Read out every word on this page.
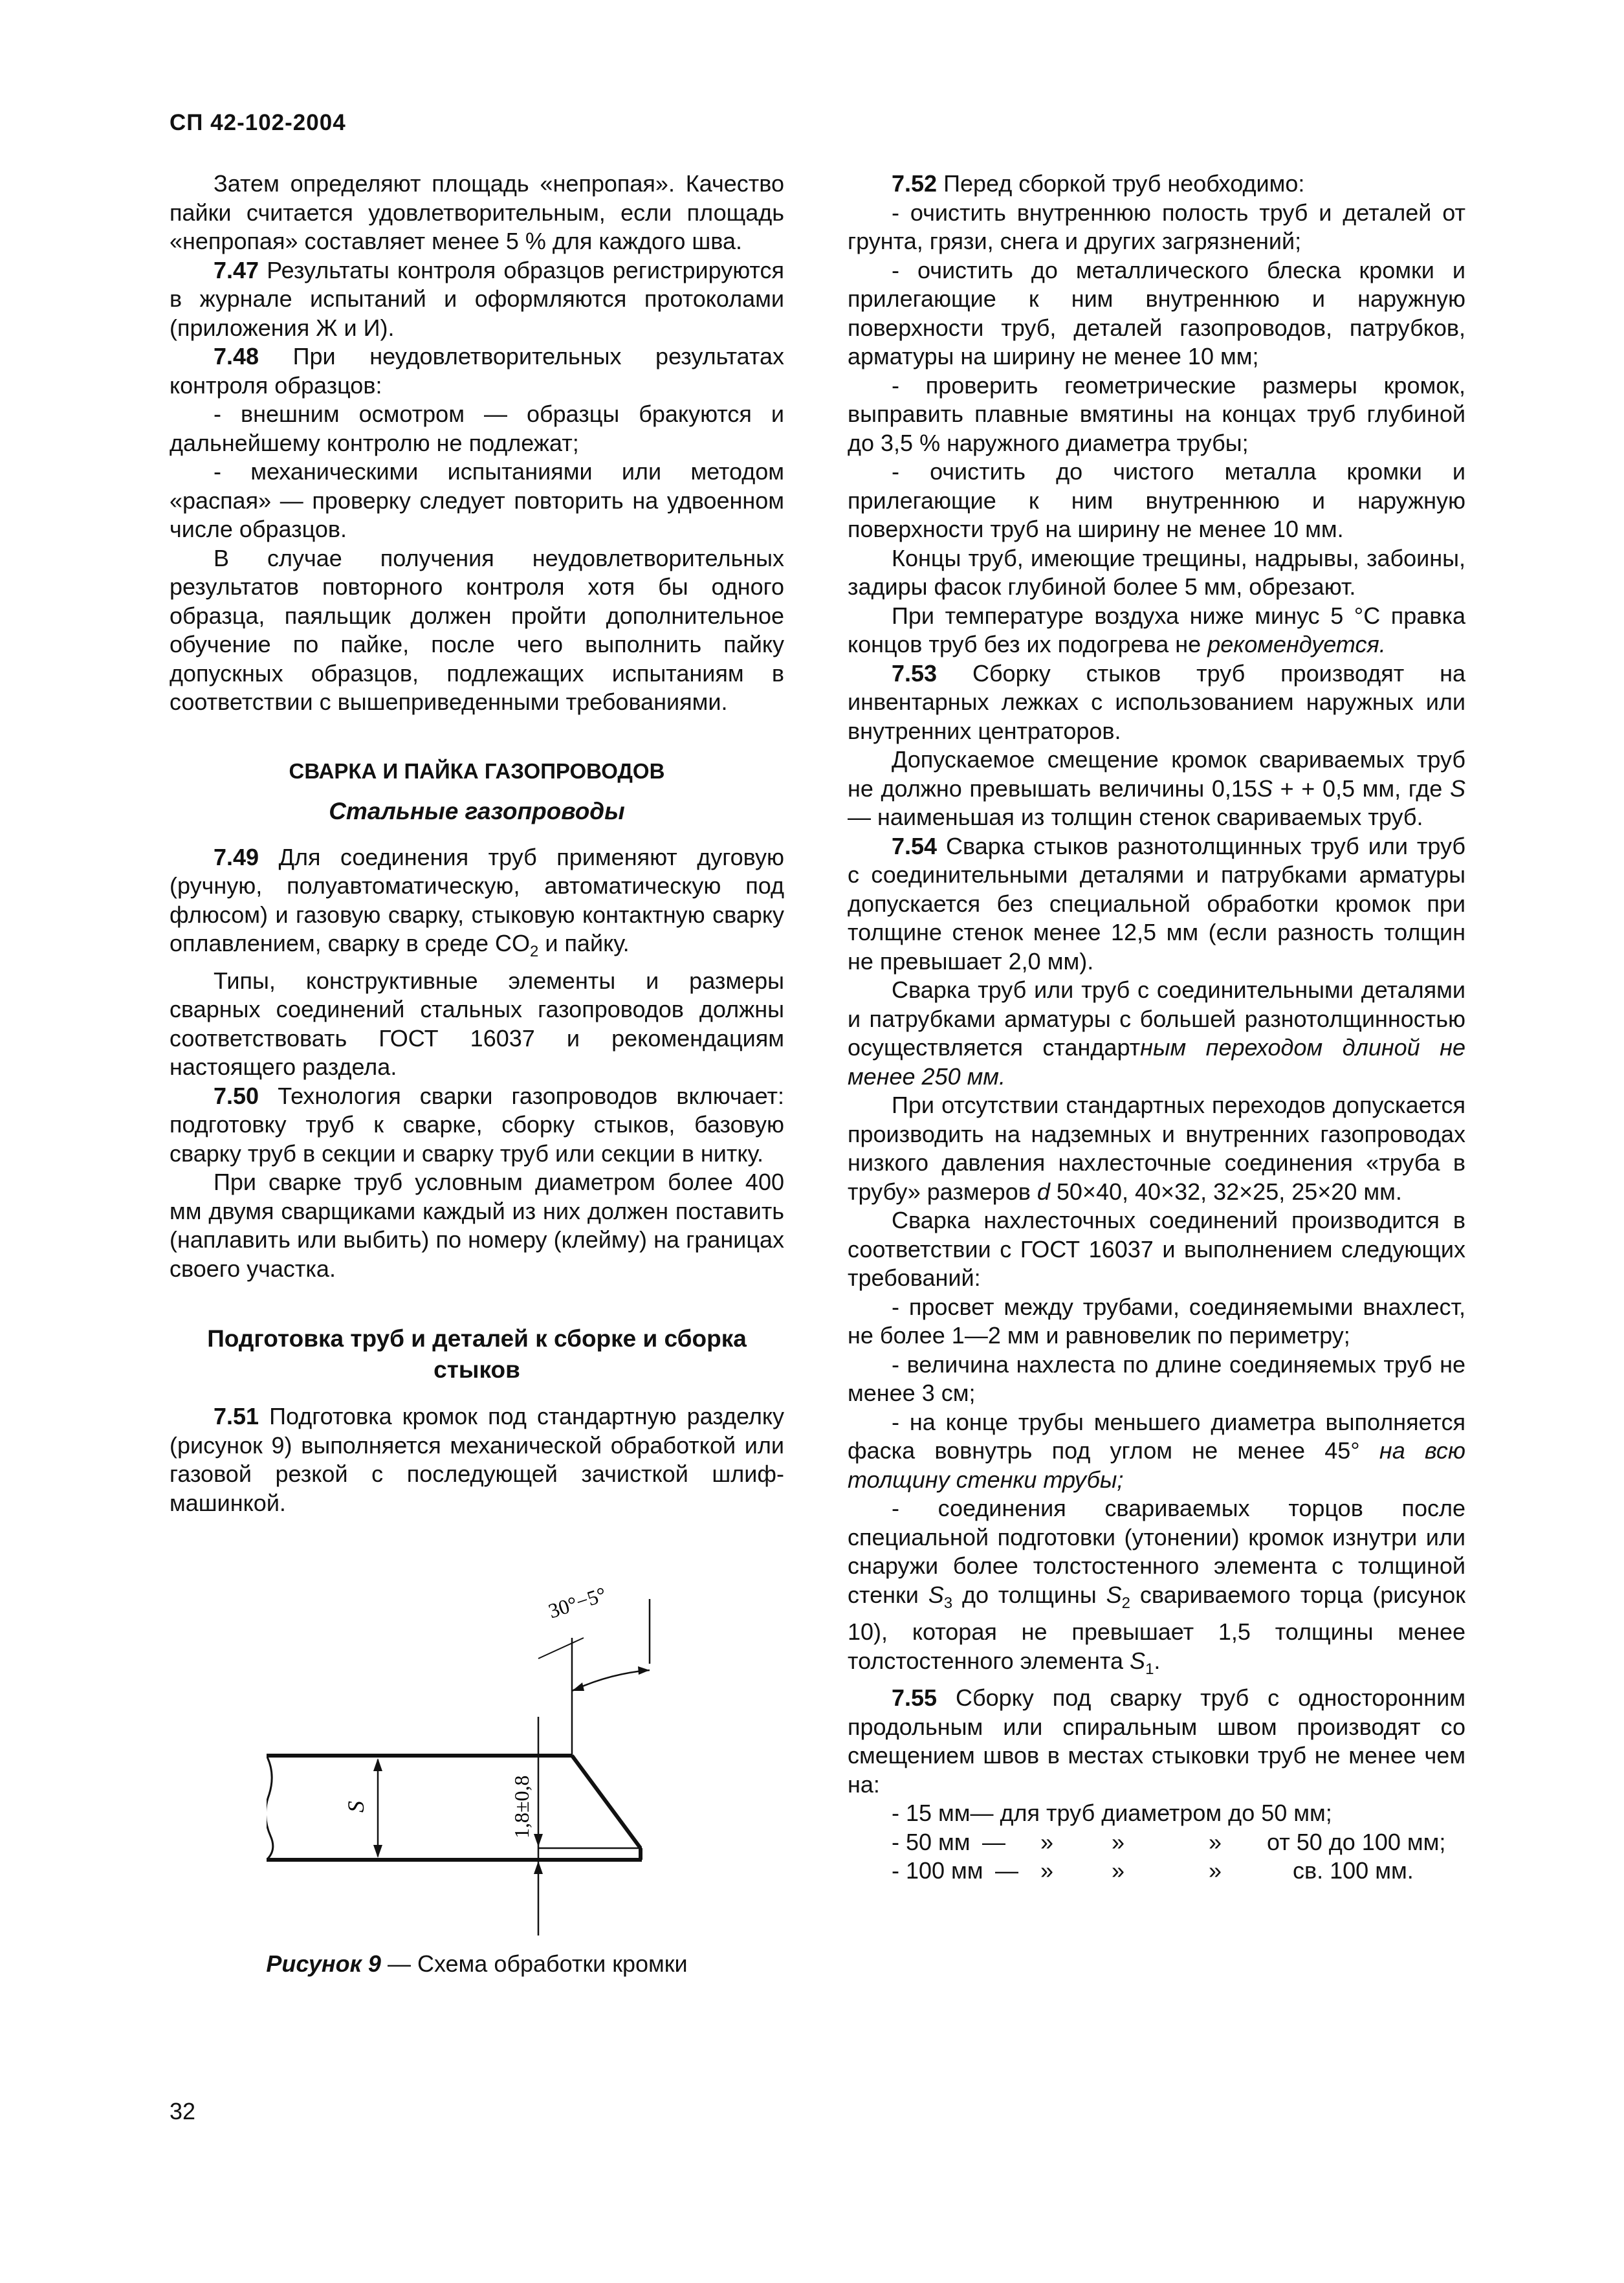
СП 42-102-2004

Затем определяют площадь «непропая». Качество пайки считается удовлетворительным, если площадь «непропая» составляет менее 5 % для каждого шва.

7.47 Результаты контроля образцов регистрируются в журнале испытаний и оформляются протоколами (приложения Ж и И).

7.48 При неудовлетворительных результатах контроля образцов:

- внешним осмотром — образцы бракуются и дальнейшему контролю не подлежат;

- механическими испытаниями или методом «распая» — проверку следует повторить на удвоенном числе образцов.

В случае получения неудовлетворительных результатов повторного контроля хотя бы одного образца, паяльщик должен пройти дополнительное обучение по пайке, после чего выполнить пайку допускных образцов, подлежащих испытаниям в соответствии с вышеприведенными требованиями.

СВАРКА И ПАЙКА ГАЗОПРОВОДОВ

Стальные газопроводы

7.49 Для соединения труб применяют дуговую (ручную, полуавтоматическую, автоматическую под флюсом) и газовую сварку, стыковую контактную сварку оплавлением, сварку в среде $CO_2$ и пайку.

Типы, конструктивные элементы и размеры сварных соединений стальных газопроводов должны соответствовать ГОСТ 16037 и рекомендациям настоящего раздела.

7.50 Технология сварки газопроводов включает: подготовку труб к сварке, сборку стыков, базовую сварку труб в секции и сварку труб или секции в нитку.

При сварке труб условным диаметром более 400 мм двумя сварщиками каждый из них должен поставить (наплавить или выбить) по номеру (клейму) на границах своего участка.

Подготовка труб и деталей к сборке и сборка стыков

7.51 Подготовка кромок под стандартную разделку (рисунок 9) выполняется механической обработкой или газовой резкой с последующей зачисткой шлиф-машинкой.

S	1,8±0,8
30°−5°

Рисунок 9 — Схема обработки кромки

7.52 Перед сборкой труб необходимо:

- очистить внутреннюю полость труб и деталей от грунта, грязи, снега и других загрязнений;

- очистить до металлического блеска кромки и прилегающие к ним внутреннюю и наружную поверхности труб, деталей газопроводов, патрубков, арматуры на ширину не менее 10 мм;

- проверить геометрические размеры кромок, выправить плавные вмятины на концах труб глубиной до 3,5 % наружного диаметра трубы;

- очистить до чистого металла кромки и прилегающие к ним внутреннюю и наружную поверхности труб на ширину не менее 10 мм.

Концы труб, имеющие трещины, надрывы, забоины, задиры фасок глубиной более 5 мм, обрезают.

При температуре воздуха ниже минус 5 °С правка концов труб без их подогрева не рекомендуется.

7.53 Сборку стыков труб производят на инвентарных лежках с использованием наружных или внутренних центраторов.

Допускаемое смещение кромок свариваемых труб не должно превышать величины 0,15S + + 0,5 мм, где S — наименьшая из толщин стенок свариваемых труб.

7.54 Сварка стыков разнотолщинных труб или труб с соединительными деталями и патрубками арматуры допускается без специальной обработки кромок при толщине стенок менее 12,5 мм (если разность толщин не превышает 2,0 мм).

Сварка труб или труб с соединительными деталями и патрубками арматуры с большей разнотолщинностью осуществляется стандартным переходом длиной не менее 250 мм.

При отсутствии стандартных переходов допускается производить на надземных и внутренних газопроводах низкого давления нахлесточные соединения «труба в трубу» размеров d 50×40, 40×32, 32×25, 25×20 мм.

Сварка нахлесточных соединений производится в соответствии с ГОСТ 16037 и выполнением следующих требований:

- просвет между трубами, соединяемыми внахлест, не более 1—2 мм и равновелик по периметру;

- величина нахлеста по длине соединяемых труб не менее 3 см;

- на конце трубы меньшего диаметра выполняется фаска вовнутрь под углом не менее 45° на всю толщину стенки трубы;

- соединения свариваемых торцов после специальной подготовки (утонении) кромок изнутри или снаружи более толстостенного элемента с толщиной стенки $S_3$ до толщины $S_2$ свариваемого торца (рисунок 10), которая не превышает 1,5 толщины менее толстостенного элемента $S_1$.

7.55 Сборку под сварку труб с односторонним продольным или спиральным швом производят со смещением швов в местах стыковки труб не менее чем на:

- 15 мм — для труб диаметром до 50 мм;
- 50 мм —	»	»	»	от 50 до 100 мм;
- 100 мм — »	»	»	св. 100 мм.
32
